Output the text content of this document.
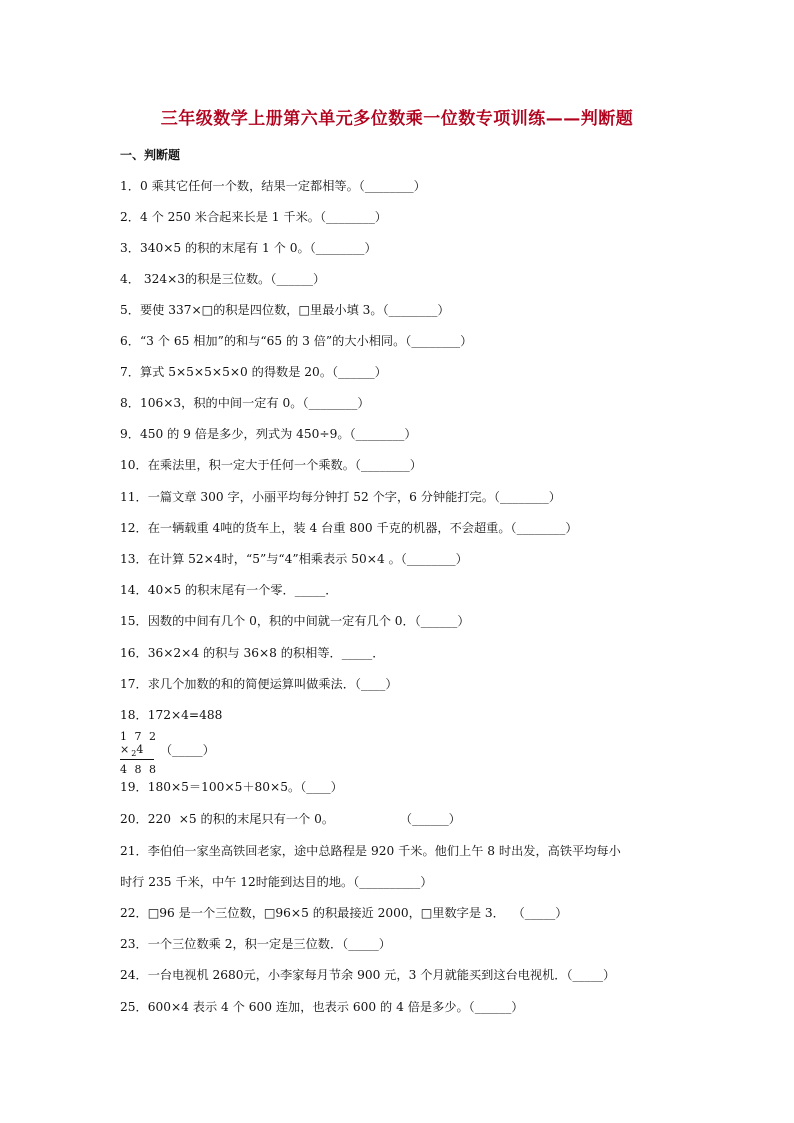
三年级数学上册第六单元多位数乘一位数专项训练——判断题
一、判断题
1．0 乘其它任何一个数，结果一定都相等。（________）
2．4 个 250 米合起来长是 1 千米。（________）
3．340×5 的积的末尾有 1 个 0。（________）
4． 324×3的积是三位数。（______）
5．要使 337×□的积是四位数，□里最小填 3。（________）
6．“3 个 65 相加”的和与“65 的 3 倍”的大小相同。（________）
7．算式 5×5×5×5×0 的得数是 20。（______）
8．106×3，积的中间一定有 0。（________）
9．450 的 9 倍是多少，列式为 450÷9。（________）
10．在乘法里，积一定大于任何一个乘数。（________）
11．一篇文章 300 字，小丽平均每分钟打 52 个字，6 分钟能打完。（________）
12．在一辆载重 4吨的货车上，装 4 台重 800 千克的机器，不会超重。（________）
13．在计算 52×4时，“5”与“4”相乘表示 50×4 。（________）
14．40×5 的积末尾有一个零．_____．
15．因数的中间有几个 0，积的中间就一定有几个 0．（______）
16．36×2×4 的积与 36×8 的积相等．_____．
17．求几个加数的和的简便运算叫做乘法．（____）
18．172×4=488
1 7 2
$\times_24$
4 8 8
（_____）
19．180×5＝100×5＋80×5。（____）
20．220  ×5 的积的末尾只有一个 0。                 （______）
21．李伯伯一家坐高铁回老家，途中总路程是 920 千米。他们上午 8 时出发，高铁平均每小
时行 235 千米，中午 12时能到达目的地。（__________）
22．□96 是一个三位数，□96×5 的积最接近 2000，□里数字是 3．  （_____）
23．一个三位数乘 2，积一定是三位数．（_____）
24．一台电视机 2680元，小李家每月节余 900 元，3 个月就能买到这台电视机．（_____）
25．600×4 表示 4 个 600 连加，也表示 600 的 4 倍是多少。（______）
